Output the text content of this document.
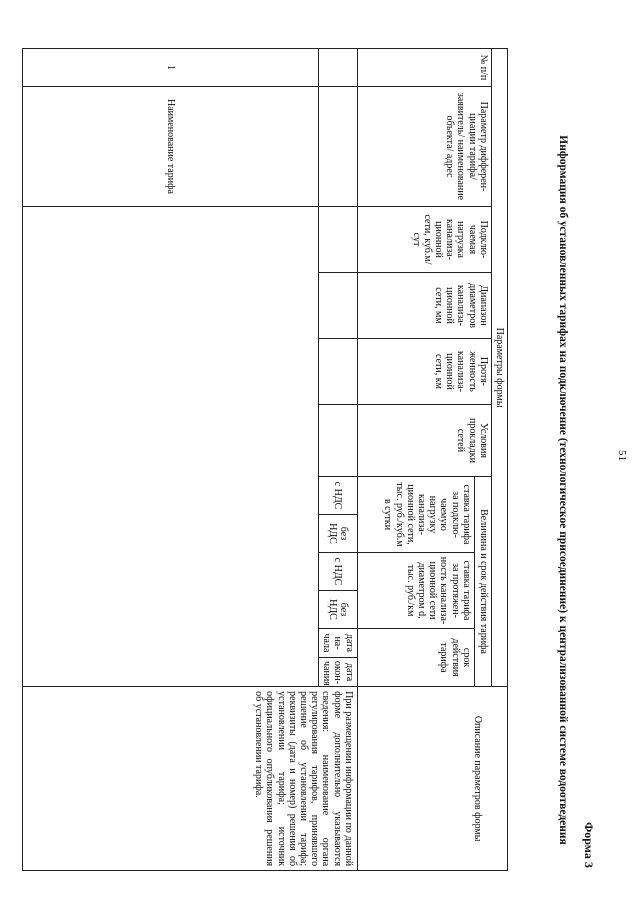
51
Форма 3
Информация об установленных тарифах на подключение (технологическое присоединение) к централизованной системе водоотведения
Параметры формы												Описание параметров формы
№ п/п	Параметр дифферен-циации тарифа/ заявитель/ наименование объекта/ адрес	Подклю-чаемая нагрузка канализа-ционной сети, куб.м/сут	Диапазон диаметров канализа-ционной сети, мм	Протя-женность канализа-ционной сети, км	Условия прокладки сетей	Величина и срок действия тарифа						
						ставка тарифа за подклю-чаемую нагрузку канализа-ционной сети, тыс. руб./куб.м в сутки		ставка тарифа за протяжен-ность канализа-ционной сети диаметром d, тыс. руб./км		срок действия тарифа		
						с НДС	без НДС	с НДС	без НДС	дата на-чала	дата окон-чания	При размещении информации по данной форме дополнительно указываются сведения: наименование органа регулирования тарифов, принявшего решение об установлении тарифа; реквизиты (дата и номер) решения об установлении тарифа; источник официального опубликования решения об установлении тарифа.
1	Наименование тарифа											
